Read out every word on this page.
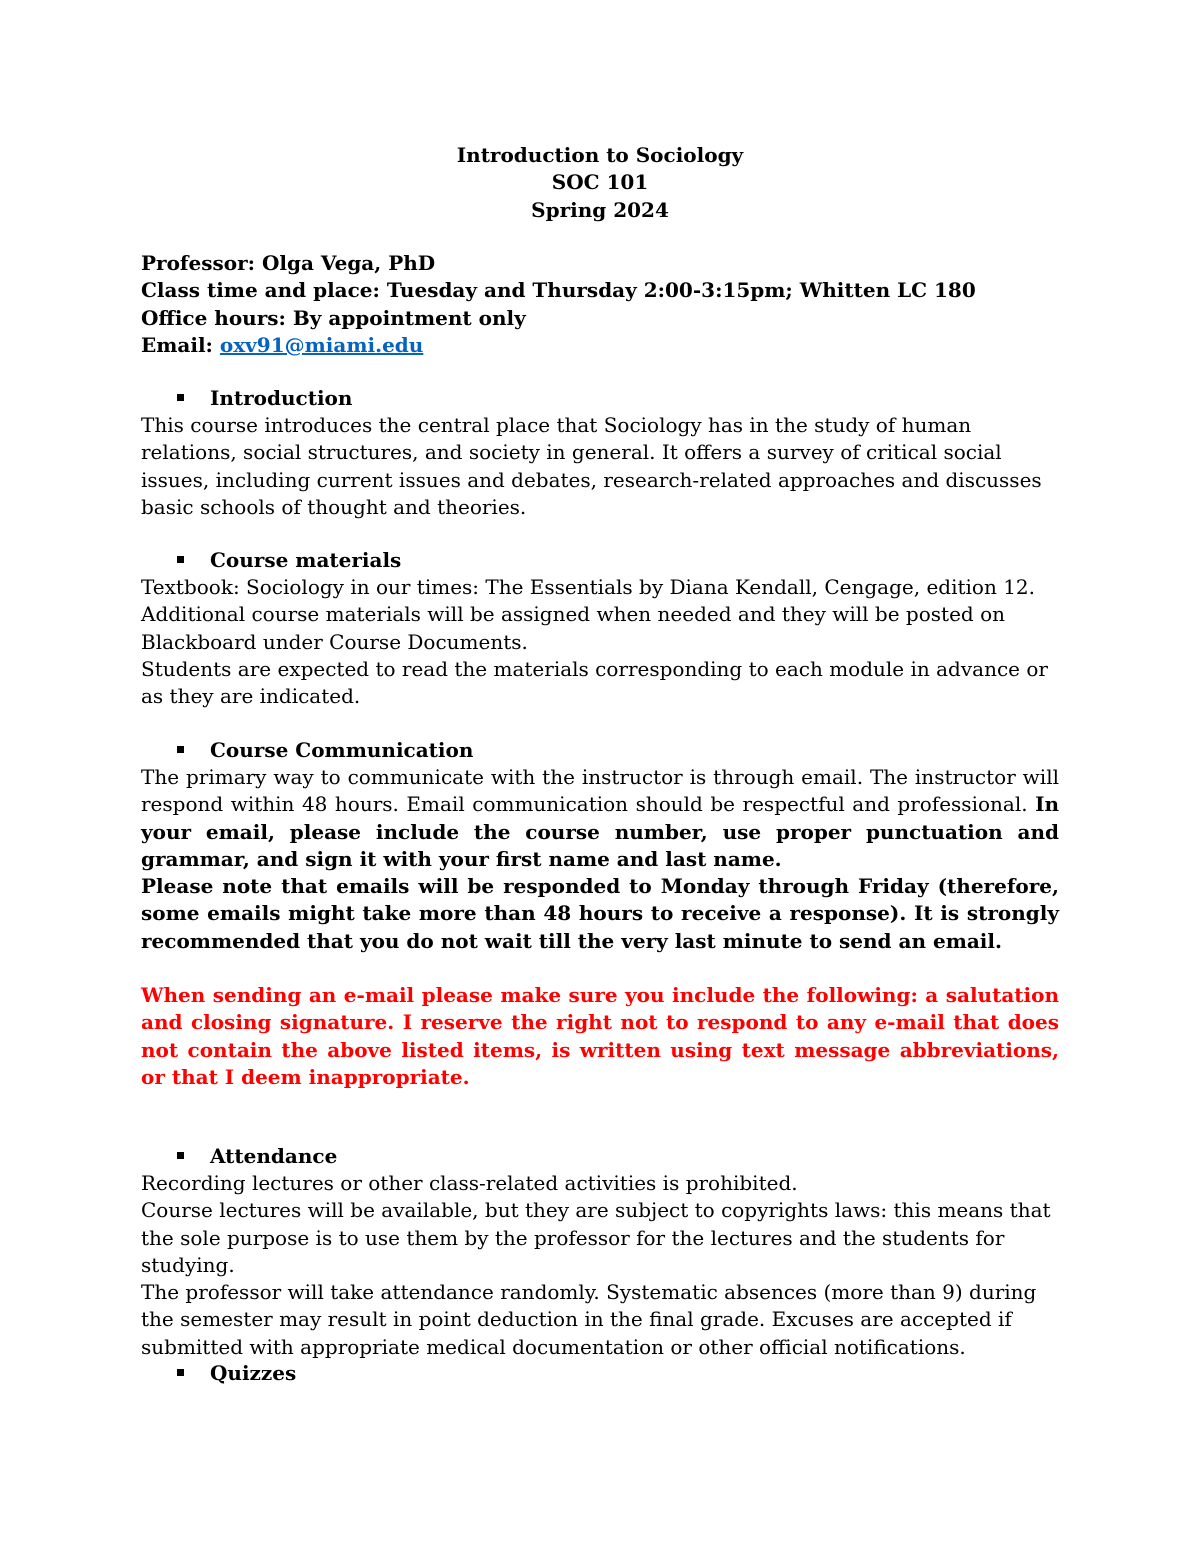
Introduction to Sociology
SOC 101
Spring 2024
Professor: Olga Vega, PhD
Class time and place: Tuesday and Thursday 2:00-3:15pm; Whitten LC 180
Office hours: By appointment only
Email: oxv91@miami.edu
Introduction

This course introduces the central place that Sociology has in the study of human relations, social structures, and society in general. It offers a survey of critical social issues, including current issues and debates, research-related approaches and discusses basic schools of thought and theories.

Course materials

Textbook: Sociology in our times: The Essentials by Diana Kendall, Cengage, edition 12.

Additional course materials will be assigned when needed and they will be posted on Blackboard under Course Documents.

Students are expected to read the materials corresponding to each module in advance or as they are indicated.

Course Communication

The primary way to communicate with the instructor is through email. The instructor will respond within 48 hours. Email communication should be respectful and professional. In your email, please include the course number, use proper punctuation and grammar, and sign it with your first name and last name.

Please note that emails will be responded to Monday through Friday (therefore, some emails might take more than 48 hours to receive a response). It is strongly recommended that you do not wait till the very last minute to send an email.

When sending an e-mail please make sure you include the following: a salutation and closing signature. I reserve the right not to respond to any e-mail that does not contain the above listed items, is written using text message abbreviations, or that I deem inappropriate.

Attendance

Recording lectures or other class-related activities is prohibited.

Course lectures will be available, but they are subject to copyrights laws: this means that the sole purpose is to use them by the professor for the lectures and the students for studying.

The professor will take attendance randomly. Systematic absences (more than 9) during the semester may result in point deduction in the final grade. Excuses are accepted if submitted with appropriate medical documentation or other official notifications.

Quizzes
